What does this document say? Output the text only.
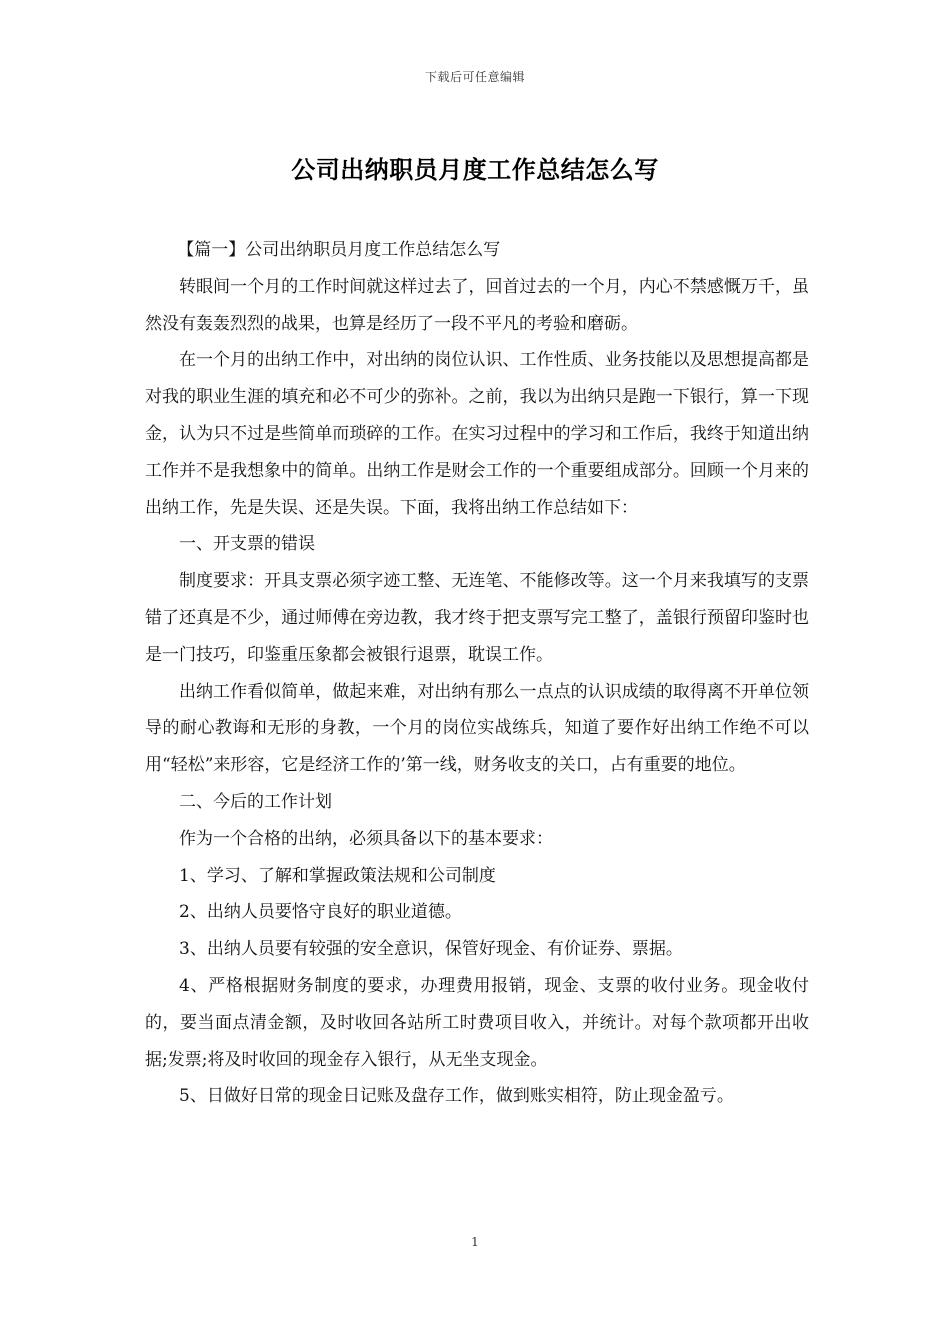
下载后可任意编辑
公司出纳职员月度工作总结怎么写

【篇一】公司出纳职员月度工作总结怎么写

转眼间一个月的工作时间就这样过去了，回首过去的一个月，内心不禁感慨万千，虽然没有轰轰烈烈的战果，也算是经历了一段不平凡的考验和磨砺。

在一个月的出纳工作中，对出纳的岗位认识、工作性质、业务技能以及思想提高都是对我的职业生涯的填充和必不可少的弥补。之前，我以为出纳只是跑一下银行，算一下现金，认为只不过是些简单而琐碎的工作。在实习过程中的学习和工作后，我终于知道出纳工作并不是我想象中的简单。出纳工作是财会工作的一个重要组成部分。回顾一个月来的出纳工作，先是失误、还是失误。下面，我将出纳工作总结如下：

一、开支票的错误

制度要求：开具支票必须字迹工整、无连笔、不能修改等。这一个月来我填写的支票错了还真是不少，通过师傅在旁边教，我才终于把支票写完工整了，盖银行预留印鉴时也是一门技巧，印鉴重压象都会被银行退票，耽误工作。

出纳工作看似简单，做起来难，对出纳有那么一点点的认识成绩的取得离不开单位领导的耐心教诲和无形的身教，一个月的岗位实战练兵，知道了要作好出纳工作绝不可以用“轻松”来形容，它是经济工作的’第一线，财务收支的关口，占有重要的地位。

二、今后的工作计划

作为一个合格的出纳，必须具备以下的基本要求：

1、学习、了解和掌握政策法规和公司制度

2、出纳人员要恪守良好的职业道德。

3、出纳人员要有较强的安全意识，保管好现金、有价证券、票据。

4、严格根据财务制度的要求，办理费用报销，现金、支票的收付业务。现金收付的，要当面点清金额，及时收回各站所工时费项目收入，并统计。对每个款项都开出收据;发票;将及时收回的现金存入银行，从无坐支现金。

5、日做好日常的现金日记账及盘存工作，做到账实相符，防止现金盈亏。

1
